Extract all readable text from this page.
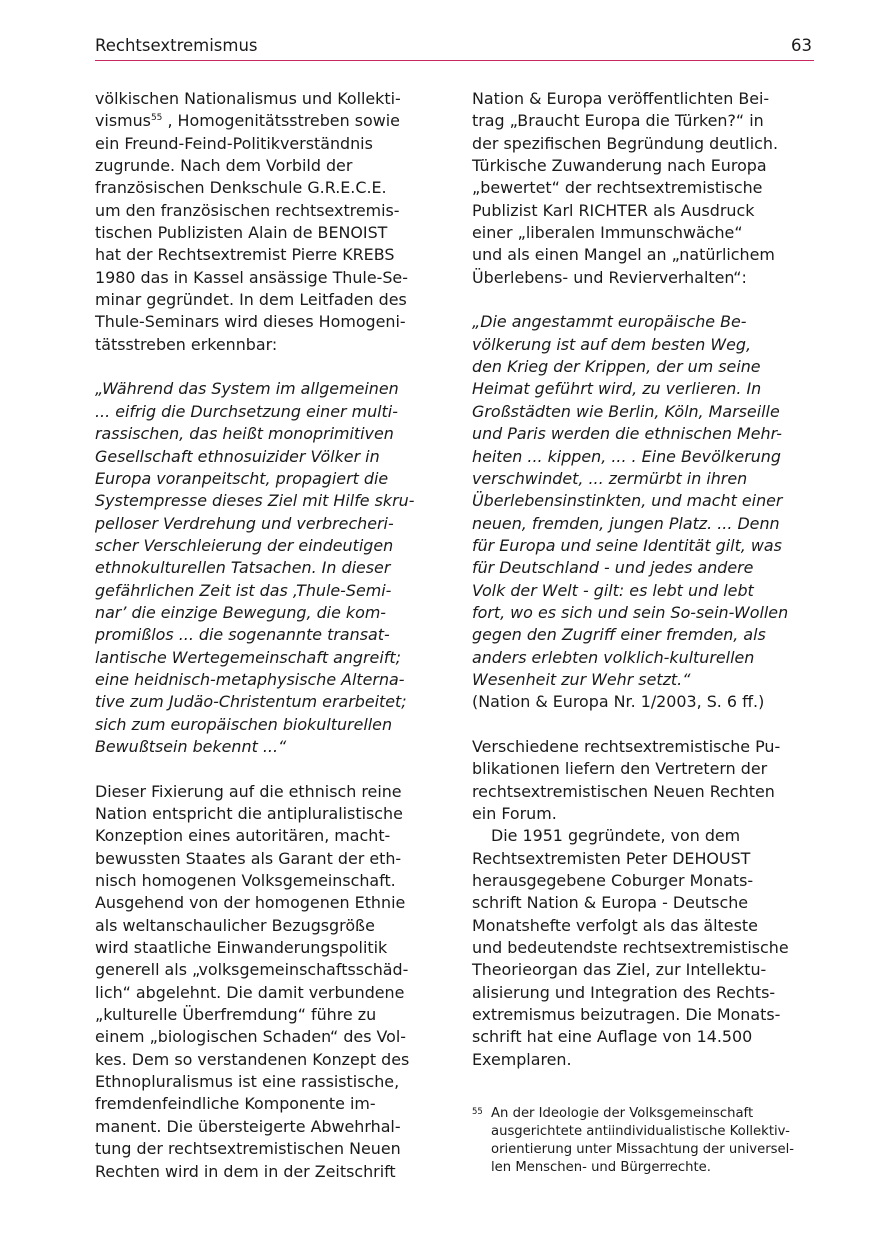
Rechtsextremismus	63
völkischen Nationalismus und Kollekti-
vismus$^{55}$ , Homogenitätsstreben sowie
ein Freund-Feind-Politikverständnis
zugrunde. Nach dem Vorbild der
französischen Denkschule G.R.E.C.E.
um den französischen rechtsextremis-
tischen Publizisten Alain de BENOIST
hat der Rechtsextremist Pierre KREBS
1980 das in Kassel ansässige Thule-Se-
minar gegründet. In dem Leitfaden des
Thule-Seminars wird dieses Homogeni-
tätsstreben erkennbar:
„Während das System im allgemeinen
... eifrig die Durchsetzung einer multi-
rassischen, das heißt monoprimitiven
Gesellschaft ethnosuizider Völker in
Europa voranpeitscht, propagiert die
Systempresse dieses Ziel mit Hilfe skru-
pelloser Verdrehung und verbrecheri-
scher Verschleierung der eindeutigen
ethnokulturellen Tatsachen. In dieser
gefährlichen Zeit ist das ‚Thule-Semi-
nar’ die einzige Bewegung, die kom-
promißlos ... die sogenannte transat-
lantische Wertegemeinschaft angreift;
eine heidnisch-metaphysische Alterna-
tive zum Judäo-Christentum erarbeitet;
sich zum europäischen biokulturellen
Bewußtsein bekennt ...“
Dieser Fixierung auf die ethnisch reine
Nation entspricht die antipluralistische
Konzeption eines autoritären, macht-
bewussten Staates als Garant der eth-
nisch homogenen Volksgemeinschaft.
Ausgehend von der homogenen Ethnie
als weltanschaulicher Bezugsgröße
wird staatliche Einwanderungspolitik
generell als „volksgemeinschaftsschäd-
lich“ abgelehnt. Die damit verbundene
„kulturelle Überfremdung“ führe zu
einem „biologischen Schaden“ des Vol-
kes. Dem so verstandenen Konzept des
Ethnopluralismus ist eine rassistische,
fremdenfeindliche Komponente im-
manent. Die übersteigerte Abwehrhal-
tung der rechtsextremistischen Neuen
Rechten wird in dem in der Zeitschrift
Nation & Europa veröffentlichten Bei-
trag „Braucht Europa die Türken?“ in
der spezifischen Begründung deutlich.
Türkische Zuwanderung nach Europa
„bewertet“ der rechtsextremistische
Publizist Karl RICHTER als Ausdruck
einer „liberalen Immunschwäche“
und als einen Mangel an „natürlichem
Überlebens- und Revierverhalten“:
„Die angestammt europäische Be-
völkerung ist auf dem besten Weg,
den Krieg der Krippen, der um seine
Heimat geführt wird, zu verlieren. In
Großstädten wie Berlin, Köln, Marseille
und Paris werden die ethnischen Mehr-
heiten ... kippen, ... . Eine Bevölkerung
verschwindet, ... zermürbt in ihren
Überlebensinstinkten, und macht einer
neuen, fremden, jungen Platz. ... Denn
für Europa und seine Identität gilt, was
für Deutschland - und jedes andere
Volk der Welt - gilt: es lebt und lebt
fort, wo es sich und sein So-sein-Wollen
gegen den Zugriff einer fremden, als
anders erlebten volklich-kulturellen
Wesenheit zur Wehr setzt.“
(Nation & Europa Nr. 1/2003, S. 6 ff.)
Verschiedene rechtsextremistische Pu-
blikationen liefern den Vertretern der
rechtsextremistischen Neuen Rechten
ein Forum.
Die 1951 gegründete, von dem
Rechtsextremisten Peter DEHOUST
herausgegebene Coburger Monats-
schrift Nation & Europa - Deutsche
Monatshefte verfolgt als das älteste
und bedeutendste rechtsextremistische
Theorieorgan das Ziel, zur Intellektu-
alisierung und Integration des Rechts-
extremismus beizutragen. Die Monats-
schrift hat eine Auflage von 14.500
Exemplaren.
55 An der Ideologie der Volksgemeinschaft
ausgerichtete antiindividualistische Kollektiv-
orientierung unter Missachtung der universel-
len Menschen- und Bürgerrechte.
